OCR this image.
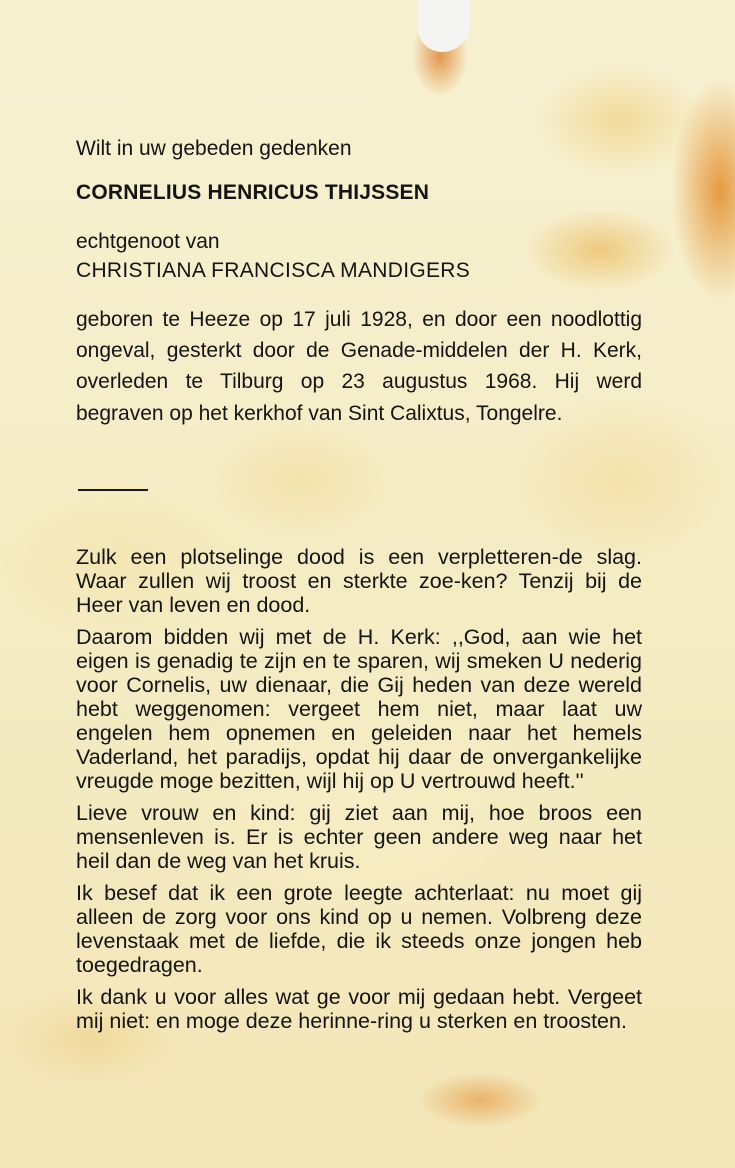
Wilt in uw gebeden gedenken
CORNELIUS HENRICUS THIJSSEN
echtgenoot van
CHRISTIANA FRANCISCA MANDIGERS
geboren te Heeze op 17 juli 1928, en door een noodlottig ongeval, gesterkt door de Genade-middelen der H. Kerk, overleden te Tilburg op 23 augustus 1968. Hij werd begraven op het kerkhof van Sint Calixtus, Tongelre.

Zulk een plotselinge dood is een verpletteren-de slag. Waar zullen wij troost en sterkte zoe-ken? Tenzij bij de Heer van leven en dood.

Daarom bidden wij met de H. Kerk: ,,God, aan wie het eigen is genadig te zijn en te sparen, wij smeken U nederig voor Cornelis, uw dienaar, die Gij heden van deze wereld hebt weggenomen: vergeet hem niet, maar laat uw engelen hem opnemen en geleiden naar het hemels Vaderland, het paradijs, opdat hij daar de onvergankelijke vreugde moge bezitten, wijl hij op U vertrouwd heeft.''

Lieve vrouw en kind: gij ziet aan mij, hoe broos een mensenleven is. Er is echter geen andere weg naar het heil dan de weg van het kruis.

Ik besef dat ik een grote leegte achterlaat: nu moet gij alleen de zorg voor ons kind op u nemen. Volbreng deze levenstaak met de liefde, die ik steeds onze jongen heb toegedragen.

Ik dank u voor alles wat ge voor mij gedaan hebt. Vergeet mij niet: en moge deze herinne-ring u sterken en troosten.
